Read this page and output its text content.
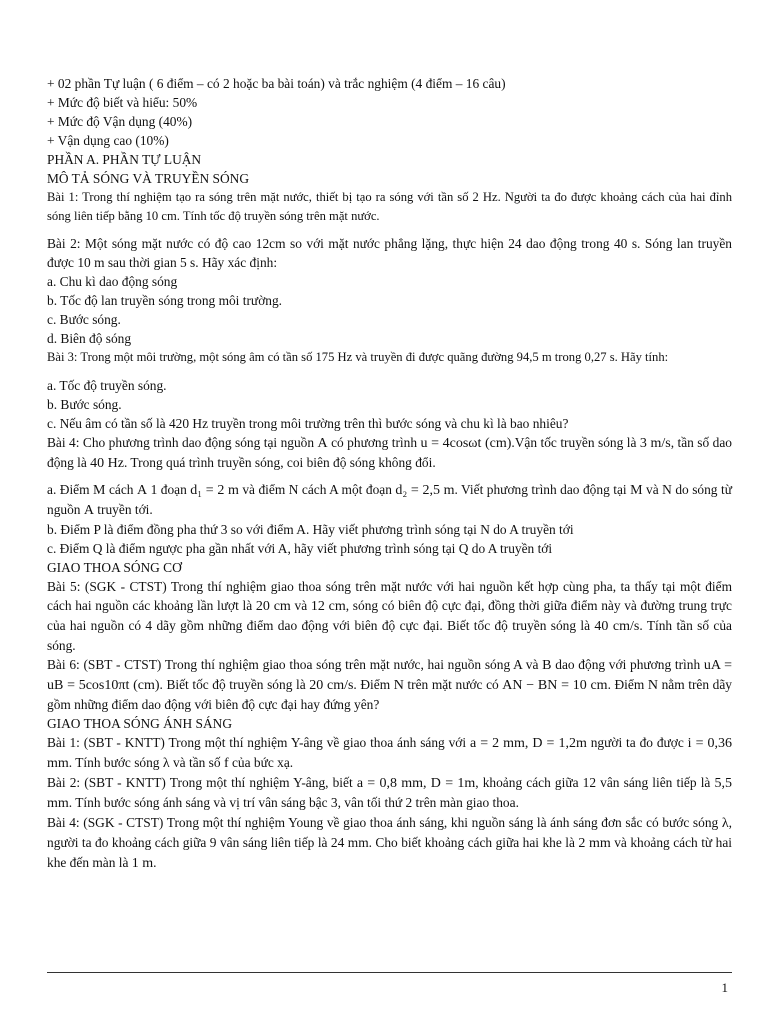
+ 02 phần Tự luận ( 6 điểm – có 2 hoặc ba bài toán) và trắc nghiệm (4 điểm – 16 câu)
+ Mức độ biết và hiểu: 50%
+ Mức độ Vận dụng (40%)
+ Vận dụng cao (10%)
PHẦN A. PHẦN TỰ LUẬN
MÔ TẢ SÓNG VÀ TRUYỀN SÓNG
Bài 1: Trong thí nghiệm tạo ra sóng trên mặt nước, thiết bị tạo ra sóng với tần số 2 Hz. Người ta đo được khoảng cách của hai đỉnh sóng liên tiếp bằng 10 cm. Tính tốc độ truyền sóng trên mặt nước.
Bài 2: Một sóng mặt nước có độ cao 12cm so với mặt nước phẳng lặng, thực hiện 24 dao động trong 40 s. Sóng lan truyền được 10 m sau thời gian 5 s. Hãy xác định:
a. Chu kì dao động sóng
b. Tốc độ lan truyền sóng trong môi trường.
c. Bước sóng.
d. Biên độ sóng
Bài 3: Trong một môi trường, một sóng âm có tần số 175 Hz và truyền đi được quãng đường 94,5 m trong 0,27 s. Hãy tính:
a. Tốc độ truyền sóng.
b. Bước sóng.
c. Nếu âm có tần số là 420 Hz truyền trong môi trường trên thì bước sóng và chu kì là bao nhiêu?
Bài 4: Cho phương trình dao động sóng tại nguồn A có phương trình u = 4cosωt (cm).Vận tốc truyền sóng là 3 m/s, tần số dao động là 40 Hz. Trong quá trình truyền sóng, coi biên độ sóng không đổi.
a. Điểm M cách A 1 đoạn d₁ = 2 m và điểm N cách A một đoạn d₂ = 2,5 m. Viết phương trình dao động tại M và N do sóng từ nguồn A truyền tới.
b. Điểm P là điểm đồng pha thứ 3 so với điểm A. Hãy viết phương trình sóng tại N do A truyền tới
c. Điểm Q là điểm ngược pha gần nhất với A, hãy viết phương trình sóng tại Q do A truyền tới
GIAO THOA SÓNG CƠ
Bài 5: (SGK - CTST) Trong thí nghiệm giao thoa sóng trên mặt nước với hai nguồn kết hợp cùng pha, ta thấy tại một điểm cách hai nguồn các khoảng lần lượt là 20 cm và 12 cm, sóng có biên độ cực đại, đồng thời giữa điểm này và đường trung trực của hai nguồn có 4 dãy gồm những điểm dao động với biên độ cực đại. Biết tốc độ truyền sóng là 40 cm/s. Tính tần số của sóng.
Bài 6: (SBT - CTST) Trong thí nghiệm giao thoa sóng trên mặt nước, hai nguồn sóng A và B dao động với phương trình uA = uB = 5cos10πt (cm). Biết tốc độ truyền sóng là 20 cm/s. Điểm N trên mặt nước có AN − BN = 10 cm. Điểm N nằm trên dãy gồm những điểm dao động với biên độ cực đại hay đứng yên?
GIAO THOA SÓNG ÁNH SÁNG
Bài 1: (SBT - KNTT) Trong một thí nghiệm Y-âng về giao thoa ánh sáng với a = 2 mm, D = 1,2m người ta đo được i = 0,36 mm. Tính bước sóng λ và tần số f của bức xạ.
Bài 2: (SBT - KNTT) Trong một thí nghiệm Y-âng, biết a = 0,8 mm, D = 1m, khoảng cách giữa 12 vân sáng liên tiếp là 5,5 mm. Tính bước sóng ánh sáng và vị trí vân sáng bậc 3, vân tối thứ 2 trên màn giao thoa.
Bài 4: (SGK - CTST) Trong một thí nghiệm Young về giao thoa ánh sáng, khi nguồn sáng là ánh sáng đơn sắc có bước sóng λ, người ta đo khoảng cách giữa 9 vân sáng liên tiếp là 24 mm. Cho biết khoảng cách giữa hai khe là 2 mm và khoảng cách từ hai khe đến màn là 1 m.
1
